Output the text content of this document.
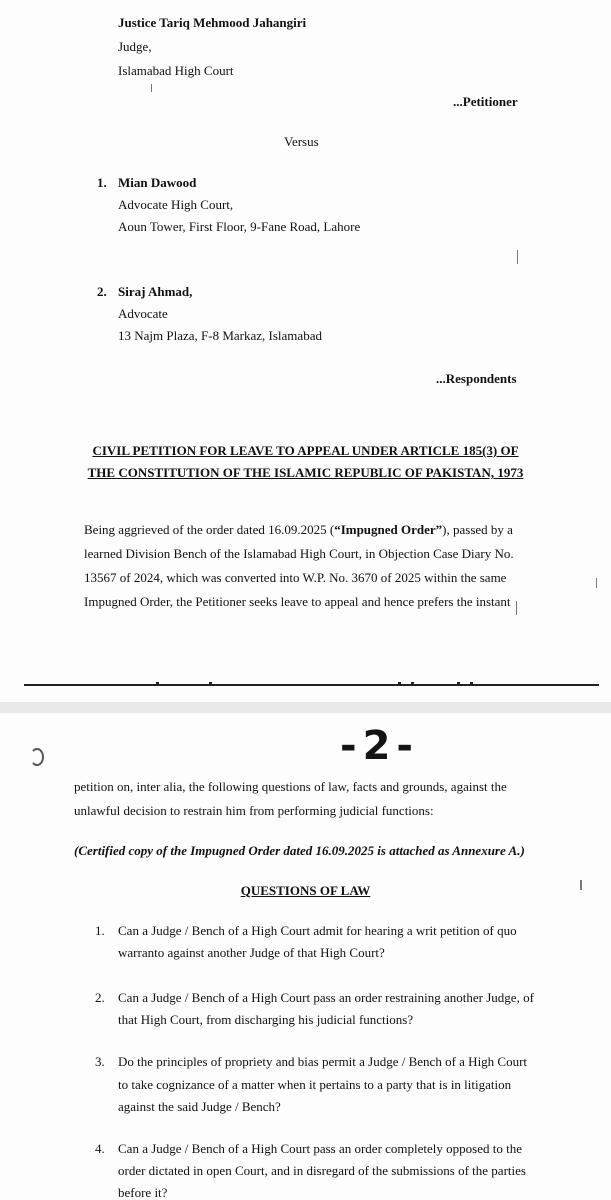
Justice Tariq Mehmood Jahangiri
Judge,
Islamabad High Court
...Petitioner
Versus
1. Mian Dawood
Advocate High Court,
Aoun Tower, First Floor, 9-Fane Road, Lahore
2. Siraj Ahmad,
Advocate
13 Najm Plaza, F-8 Markaz, Islamabad
...Respondents
CIVIL PETITION FOR LEAVE TO APPEAL UNDER ARTICLE 185(3) OF
THE CONSTITUTION OF THE ISLAMIC REPUBLIC OF PAKISTAN, 1973
Being aggrieved of the order dated 16.09.2025 (“Impugned Order”), passed by a
learned Division Bench of the Islamabad High Court, in Objection Case Diary No.
13567 of 2024, which was converted into W.P. No. 3670 of 2025 within the same
Impugned Order, the Petitioner seeks leave to appeal and hence prefers the instant
-2-
petition on, inter alia, the following questions of law, facts and grounds, against the
unlawful decision to restrain him from performing judicial functions:
(Certified copy of the Impugned Order dated 16.09.2025 is attached as Annexure A.)
QUESTIONS OF LAW
1. Can a Judge / Bench of a High Court admit for hearing a writ petition of quo
warranto against another Judge of that High Court?
2. Can a Judge / Bench of a High Court pass an order restraining another Judge, of
that High Court, from discharging his judicial functions?
3. Do the principles of propriety and bias permit a Judge / Bench of a High Court
to take cognizance of a matter when it pertains to a party that is in litigation
against the said Judge / Bench?
4. Can a Judge / Bench of a High Court pass an order completely opposed to the
order dictated in open Court, and in disregard of the submissions of the parties
before it?
